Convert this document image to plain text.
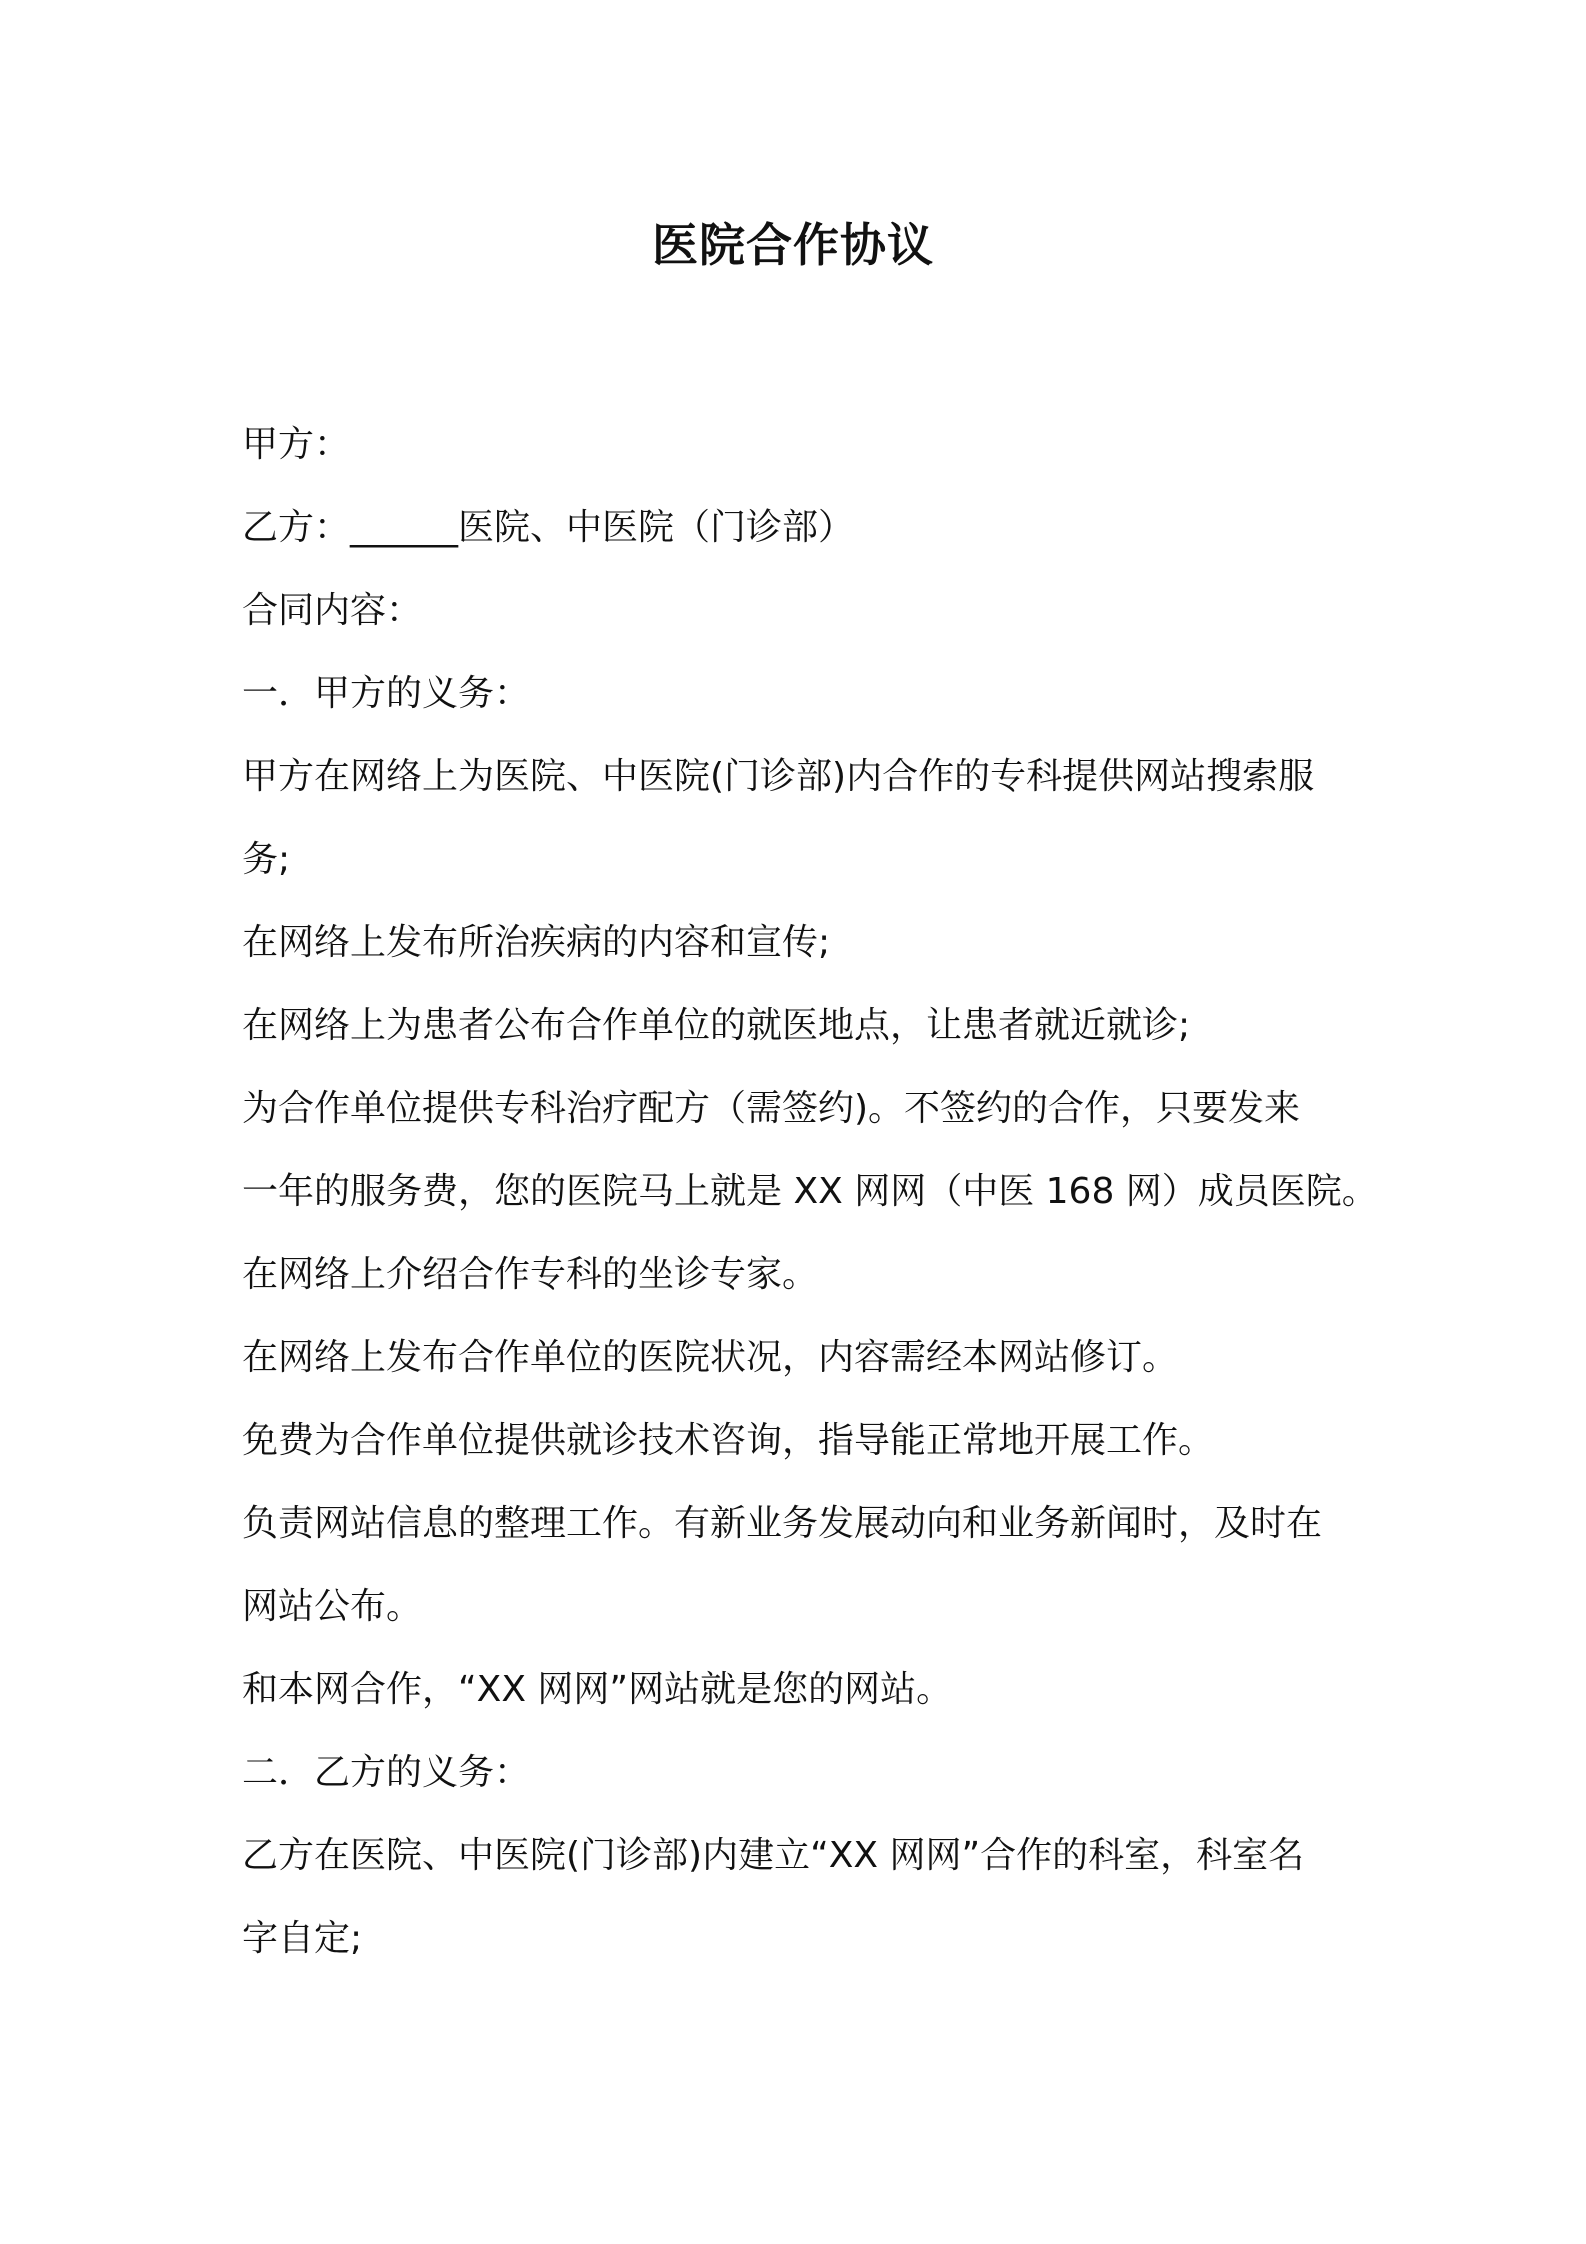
医院合作协议

甲方：

乙方：______医院、中医院（门诊部）

合同内容：

一．甲方的义务：

甲方在网络上为医院、中医院(门诊部)内合作的专科提供网站搜索服

务;

在网络上发布所治疾病的内容和宣传;

在网络上为患者公布合作单位的就医地点，让患者就近就诊;

为合作单位提供专科治疗配方（需签约)。不签约的合作，只要发来

一年的服务费，您的医院马上就是 XX 网网（中医 168 网）成员医院。

在网络上介绍合作专科的坐诊专家。

在网络上发布合作单位的医院状况，内容需经本网站修订。

免费为合作单位提供就诊技术咨询，指导能正常地开展工作。

负责网站信息的整理工作。有新业务发展动向和业务新闻时，及时在

网站公布。

和本网合作，“XX 网网”网站就是您的网站。

二．乙方的义务：

乙方在医院、中医院(门诊部)内建立“XX 网网”合作的科室，科室名

字自定;
